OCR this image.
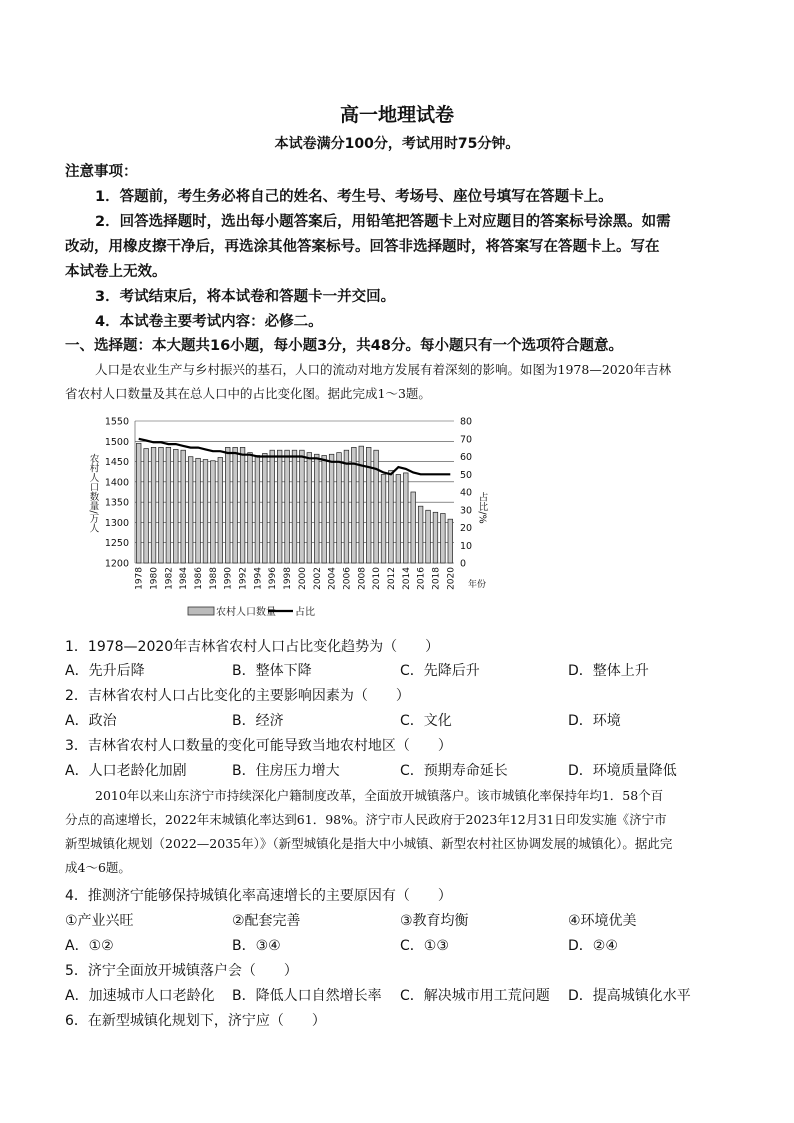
高一地理试卷
本试卷满分100分，考试用时75分钟。
注意事项：
1．答题前，考生务必将自己的姓名、考生号、考场号、座位号填写在答题卡上。
2．回答选择题时，选出每小题答案后，用铅笔把答题卡上对应题目的答案标号涂黑。如需
改动，用橡皮擦干净后，再选涂其他答案标号。回答非选择题时，将答案写在答题卡上。写在
本试卷上无效。
3．考试结束后，将本试卷和答题卡一并交回。
4．本试卷主要考试内容：必修二。
一、选择题：本大题共16小题，每小题3分，共48分。每小题只有一个选项符合题意。
人口是农业生产与乡村振兴的基石，人口的流动对地方发展有着深刻的影响。如图为1978—2020年吉林
省农村人口数量及其在总人口中的占比变化图。据此完成1～3题。
1200
1250
1300
1350
1400
1450
1500
1550
0
10
20
30
40
50
60
70
80
1978 1980 1982 1984 1986 1988 1990 1992 1994 1996 1998 2000 2002 2004 2006 2008 2010 2012 2014 2016 2018 2020
农村人口数量/万人	占比/%
年份
农村人口数量 占比
1．1978—2020年吉林省农村人口占比变化趋势为（　　）
A．先升后降	B．整体下降	C．先降后升	D．整体上升
2．吉林省农村人口占比变化的主要影响因素为（　　）
A．政治	B．经济	C．文化	D．环境
3．吉林省农村人口数量的变化可能导致当地农村地区（　　）
A．人口老龄化加剧	B．住房压力增大	C．预期寿命延长	D．环境质量降低
2010年以来山东济宁市持续深化户籍制度改革，全面放开城镇落户。该市城镇化率保持年均1．58个百
分点的高速增长，2022年末城镇化率达到61．98%。济宁市人民政府于2023年12月31日印发实施《济宁市
新型城镇化规划（2022—2035年）》（新型城镇化是指大中小城镇、新型农村社区协调发展的城镇化）。据此完
成4～6题。
4．推测济宁能够保持城镇化率高速增长的主要原因有（　　）
①产业兴旺	②配套完善	③教育均衡	④环境优美
A．①②	B．③④	C．①③	D．②④
5．济宁全面放开城镇落户会（　　）
A．加速城市人口老龄化 B．降低人口自然增长率 C．解决城市用工荒问题 D．提高城镇化水平
6．在新型城镇化规划下，济宁应（　　）
